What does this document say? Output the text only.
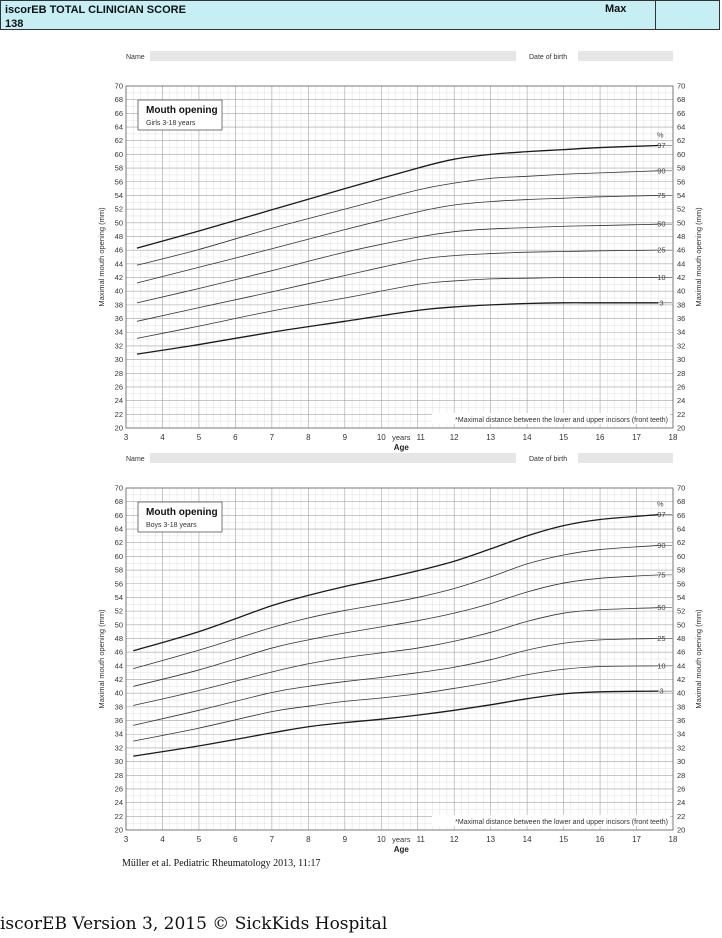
iscorEB TOTAL CLINICIAN SCORE
138
Max
Name	Date of birth
20	20
22	22
24	24
26	26
28	28
30	30
32	32
34	34
36	36
38	38
40	40
42	42
44	44
46	46
48	48
50	50
52	52
54	54
56	56
58	58
60	60
62	62
64	64
66	66
68	68
70	70
3	4	5	6	7	8	9	10	11	12	13	14	15	16	17	18
years
Age
Maximal mouth opening (mm)	Maximal mouth opening (mm)
Mouth opening
Girls 3-18 years
*Maximal distance between the lower and upper incisors (front teeth)
%
97
90
75
50
25
10
3
Name	Date of birth
20	20
22	22
24	24
26	26
28	28
30	30
32	32
34	34
36	36
38	38
40	40
42	42
44	44
46	46
48	48
50	50
52	52
54	54
56	56
58	58
60	60
62	62
64	64
66	66
68	68
70	70
3	4	5	6	7	8	9	10	11	12	13	14	15	16	17	18
years
Age
Maximal mouth opening (mm)	Maximal mouth opening (mm)
Mouth opening
Boys 3-18 years
*Maximal distance between the lower and upper incisors (front teeth)
%
97
90
75
50
25
10
3
Müller et al. Pediatric Rheumatology 2013, 11:17
iscorEB Version 3, 2015 © SickKids Hospital
